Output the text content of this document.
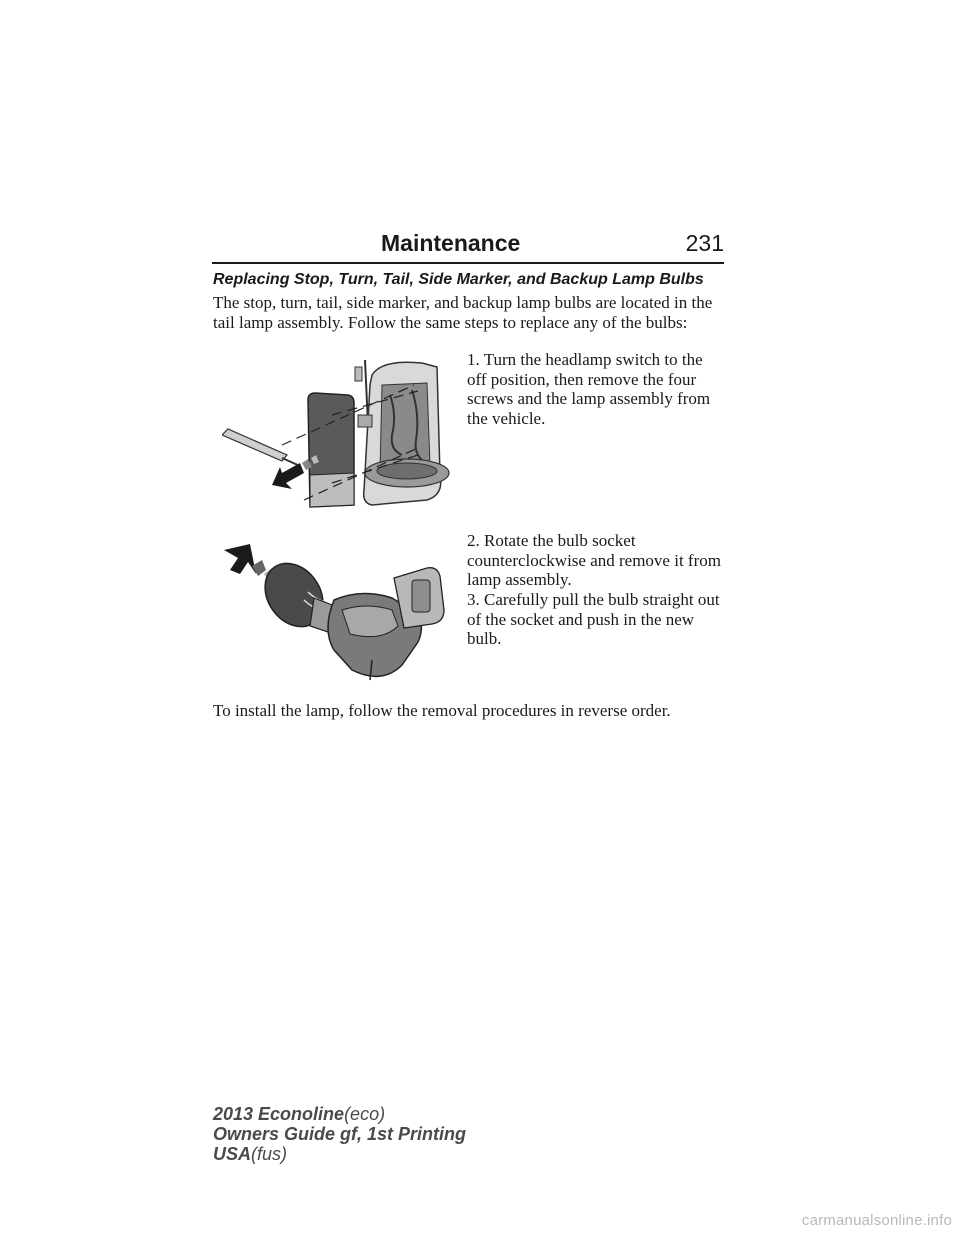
Maintenance	231
Replacing Stop, Turn, Tail, Side Marker, and Backup Lamp Bulbs

The stop, turn, tail, side marker, and backup lamp bulbs are located in the tail lamp assembly. Follow the same steps to replace any of the bulbs:

1. Turn the headlamp switch to the off position, then remove the four screws and the lamp assembly from the vehicle.

2. Rotate the bulb socket counterclockwise and remove it from lamp assembly.

3. Carefully pull the bulb straight out of the socket and push in the new bulb.

To install the lamp, follow the removal procedures in reverse order.

2013 Econoline(eco)
Owners Guide gf, 1st Printing
USA(fus)
carmanualsonline.info
